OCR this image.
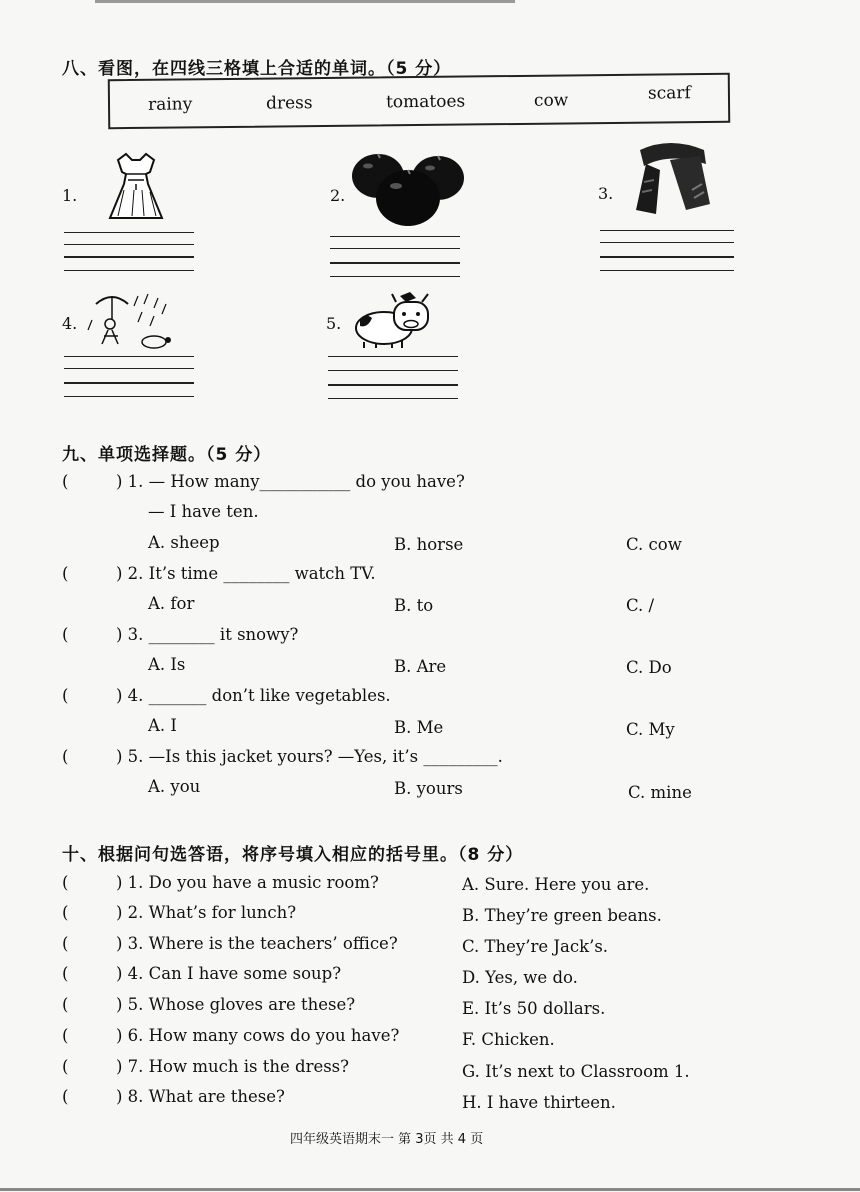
八、看图，在四线三格填上合适的单词。（5 分）
rainy	dress	tomatoes	cow	scarf
1.	2.	3.
4.	5.
九、单项选择题。（5 分）
(	) 1. — How many___________ do you have?
— I have ten.
A. sheep	B. horse	C. cow
(	) 2. It’s time ________ watch TV.
A. for	B. to	C. /
(	) 3. ________ it snowy?
A. Is	B. Are	C. Do
(	) 4. _______ don’t like vegetables.
A. I	B. Me	C. My
(	) 5. —Is this jacket yours? —Yes, it’s _________.
A. you	B. yours	C. mine
十、根据问句选答语，将序号填入相应的括号里。（8 分）
(	) 1. Do you have a music room?	A. Sure. Here you are.
(	) 2. What’s for lunch?	B. They’re green beans.
(	) 3. Where is the teachers’ office?	C. They’re Jack’s.
(	) 4. Can I have some soup?	D. Yes, we do.
(	) 5. Whose gloves are these?	E. It’s 50 dollars.
(	) 6. How many cows do you have?	F. Chicken.
(	) 7. How much is the dress?	G. It’s next to Classroom 1.
(	) 8. What are these?	H. I have thirteen.
四年级英语期末一 第 3页 共 4 页
